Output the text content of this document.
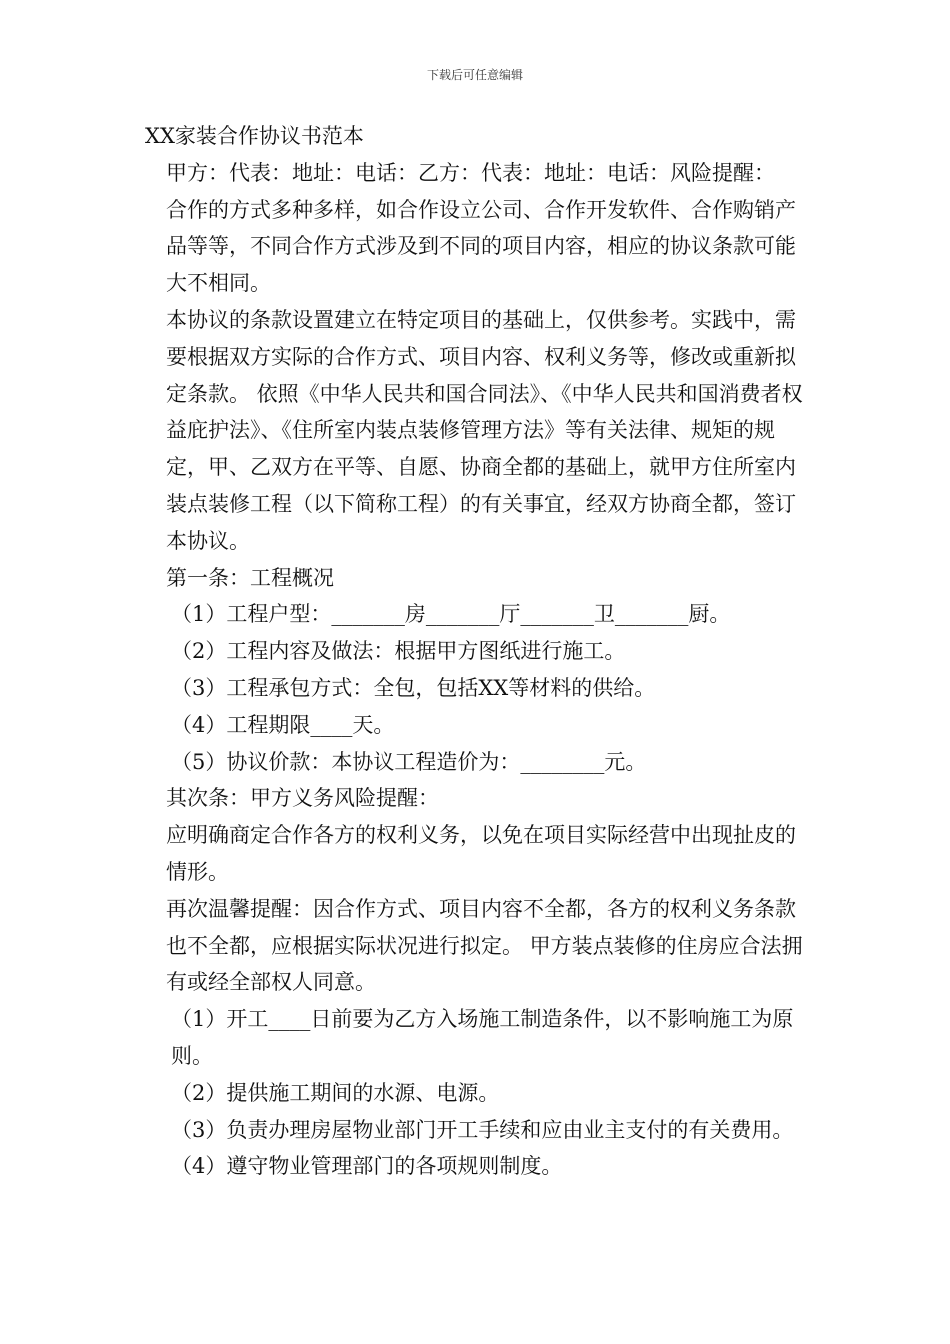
下载后可任意编辑

XX家装合作协议书范本

甲方：代表：地址：电话：乙方：代表：地址：电话：风险提醒：

合作的方式多种多样，如合作设立公司、合作开发软件、合作购销产品等等，不同合作方式涉及到不同的项目内容，相应的协议条款可能大不相同。

本协议的条款设置建立在特定项目的基础上，仅供参考。实践中，需要根据双方实际的合作方式、项目内容、权利义务等，修改或重新拟定条款。 依照《中华人民共和国合同法》、《中华人民共和国消费者权益庇护法》、《住所室内装点装修管理方法》等有关法律、规矩的规定，甲、乙双方在平等、自愿、协商全都的基础上，就甲方住所室内装点装修工程（以下简称工程）的有关事宜，经双方协商全都，签订本协议。

第一条：工程概况

（1）工程户型：_______房_______厅_______卫_______厨。

（2）工程内容及做法：根据甲方图纸进行施工。

（3）工程承包方式：全包，包括XX等材料的供给。

（4）工程期限____天。

（5）协议价款：本协议工程造价为：________元。

其次条：甲方义务风险提醒：

应明确商定合作各方的权利义务，以免在项目实际经营中出现扯皮的情形。

再次温馨提醒：因合作方式、项目内容不全都，各方的权利义务条款也不全都，应根据实际状况进行拟定。 甲方装点装修的住房应合法拥有或经全部权人同意。

（1）开工____日前要为乙方入场施工制造条件，以不影响施工为原则。

（2）提供施工期间的水源、电源。

（3）负责办理房屋物业部门开工手续和应由业主支付的有关费用。

（4）遵守物业管理部门的各项规则制度。
